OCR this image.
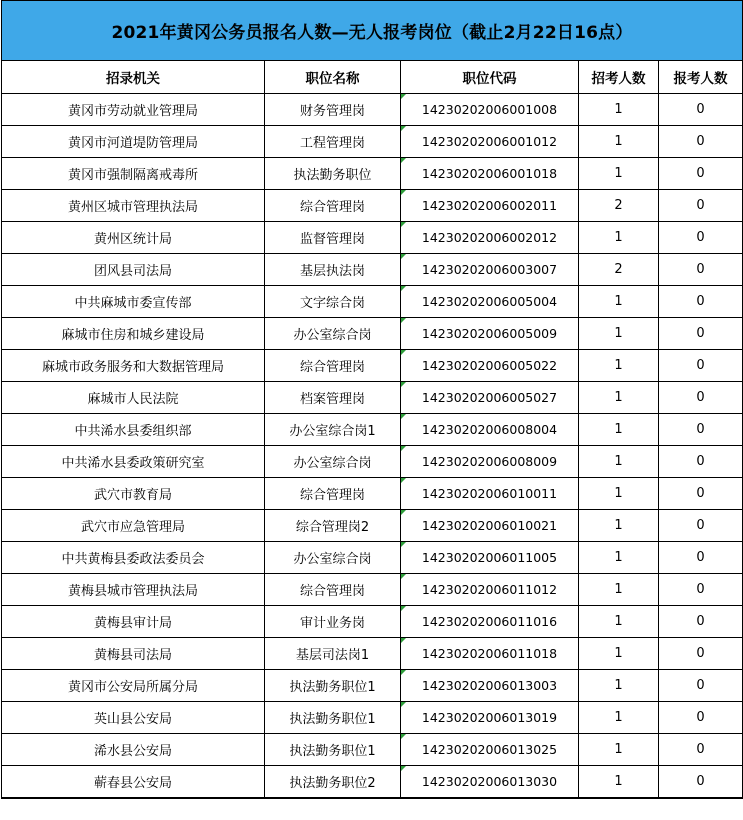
2021年黄冈公务员报名人数—无人报考岗位（截止2月22日16点）
招录机关	职位名称	职位代码	招考人数	报考人数
黄冈市劳动就业管理局	财务管理岗	14230202006001008	1	0
黄冈市河道堤防管理局	工程管理岗	14230202006001012	1	0
黄冈市强制隔离戒毒所	执法勤务职位	14230202006001018	1	0
黄州区城市管理执法局	综合管理岗	14230202006002011	2	0
黄州区统计局	监督管理岗	14230202006002012	1	0
团风县司法局	基层执法岗	14230202006003007	2	0
中共麻城市委宣传部	文字综合岗	14230202006005004	1	0
麻城市住房和城乡建设局	办公室综合岗	14230202006005009	1	0
麻城市政务服务和大数据管理局	综合管理岗	14230202006005022	1	0
麻城市人民法院	档案管理岗	14230202006005027	1	0
中共浠水县委组织部	办公室综合岗1	14230202006008004	1	0
中共浠水县委政策研究室	办公室综合岗	14230202006008009	1	0
武穴市教育局	综合管理岗	14230202006010011	1	0
武穴市应急管理局	综合管理岗2	14230202006010021	1	0
中共黄梅县委政法委员会	办公室综合岗	14230202006011005	1	0
黄梅县城市管理执法局	综合管理岗	14230202006011012	1	0
黄梅县审计局	审计业务岗	14230202006011016	1	0
黄梅县司法局	基层司法岗1	14230202006011018	1	0
黄冈市公安局所属分局	执法勤务职位1	14230202006013003	1	0
英山县公安局	执法勤务职位1	14230202006013019	1	0
浠水县公安局	执法勤务职位1	14230202006013025	1	0
蕲春县公安局	执法勤务职位2	14230202006013030	1	0
